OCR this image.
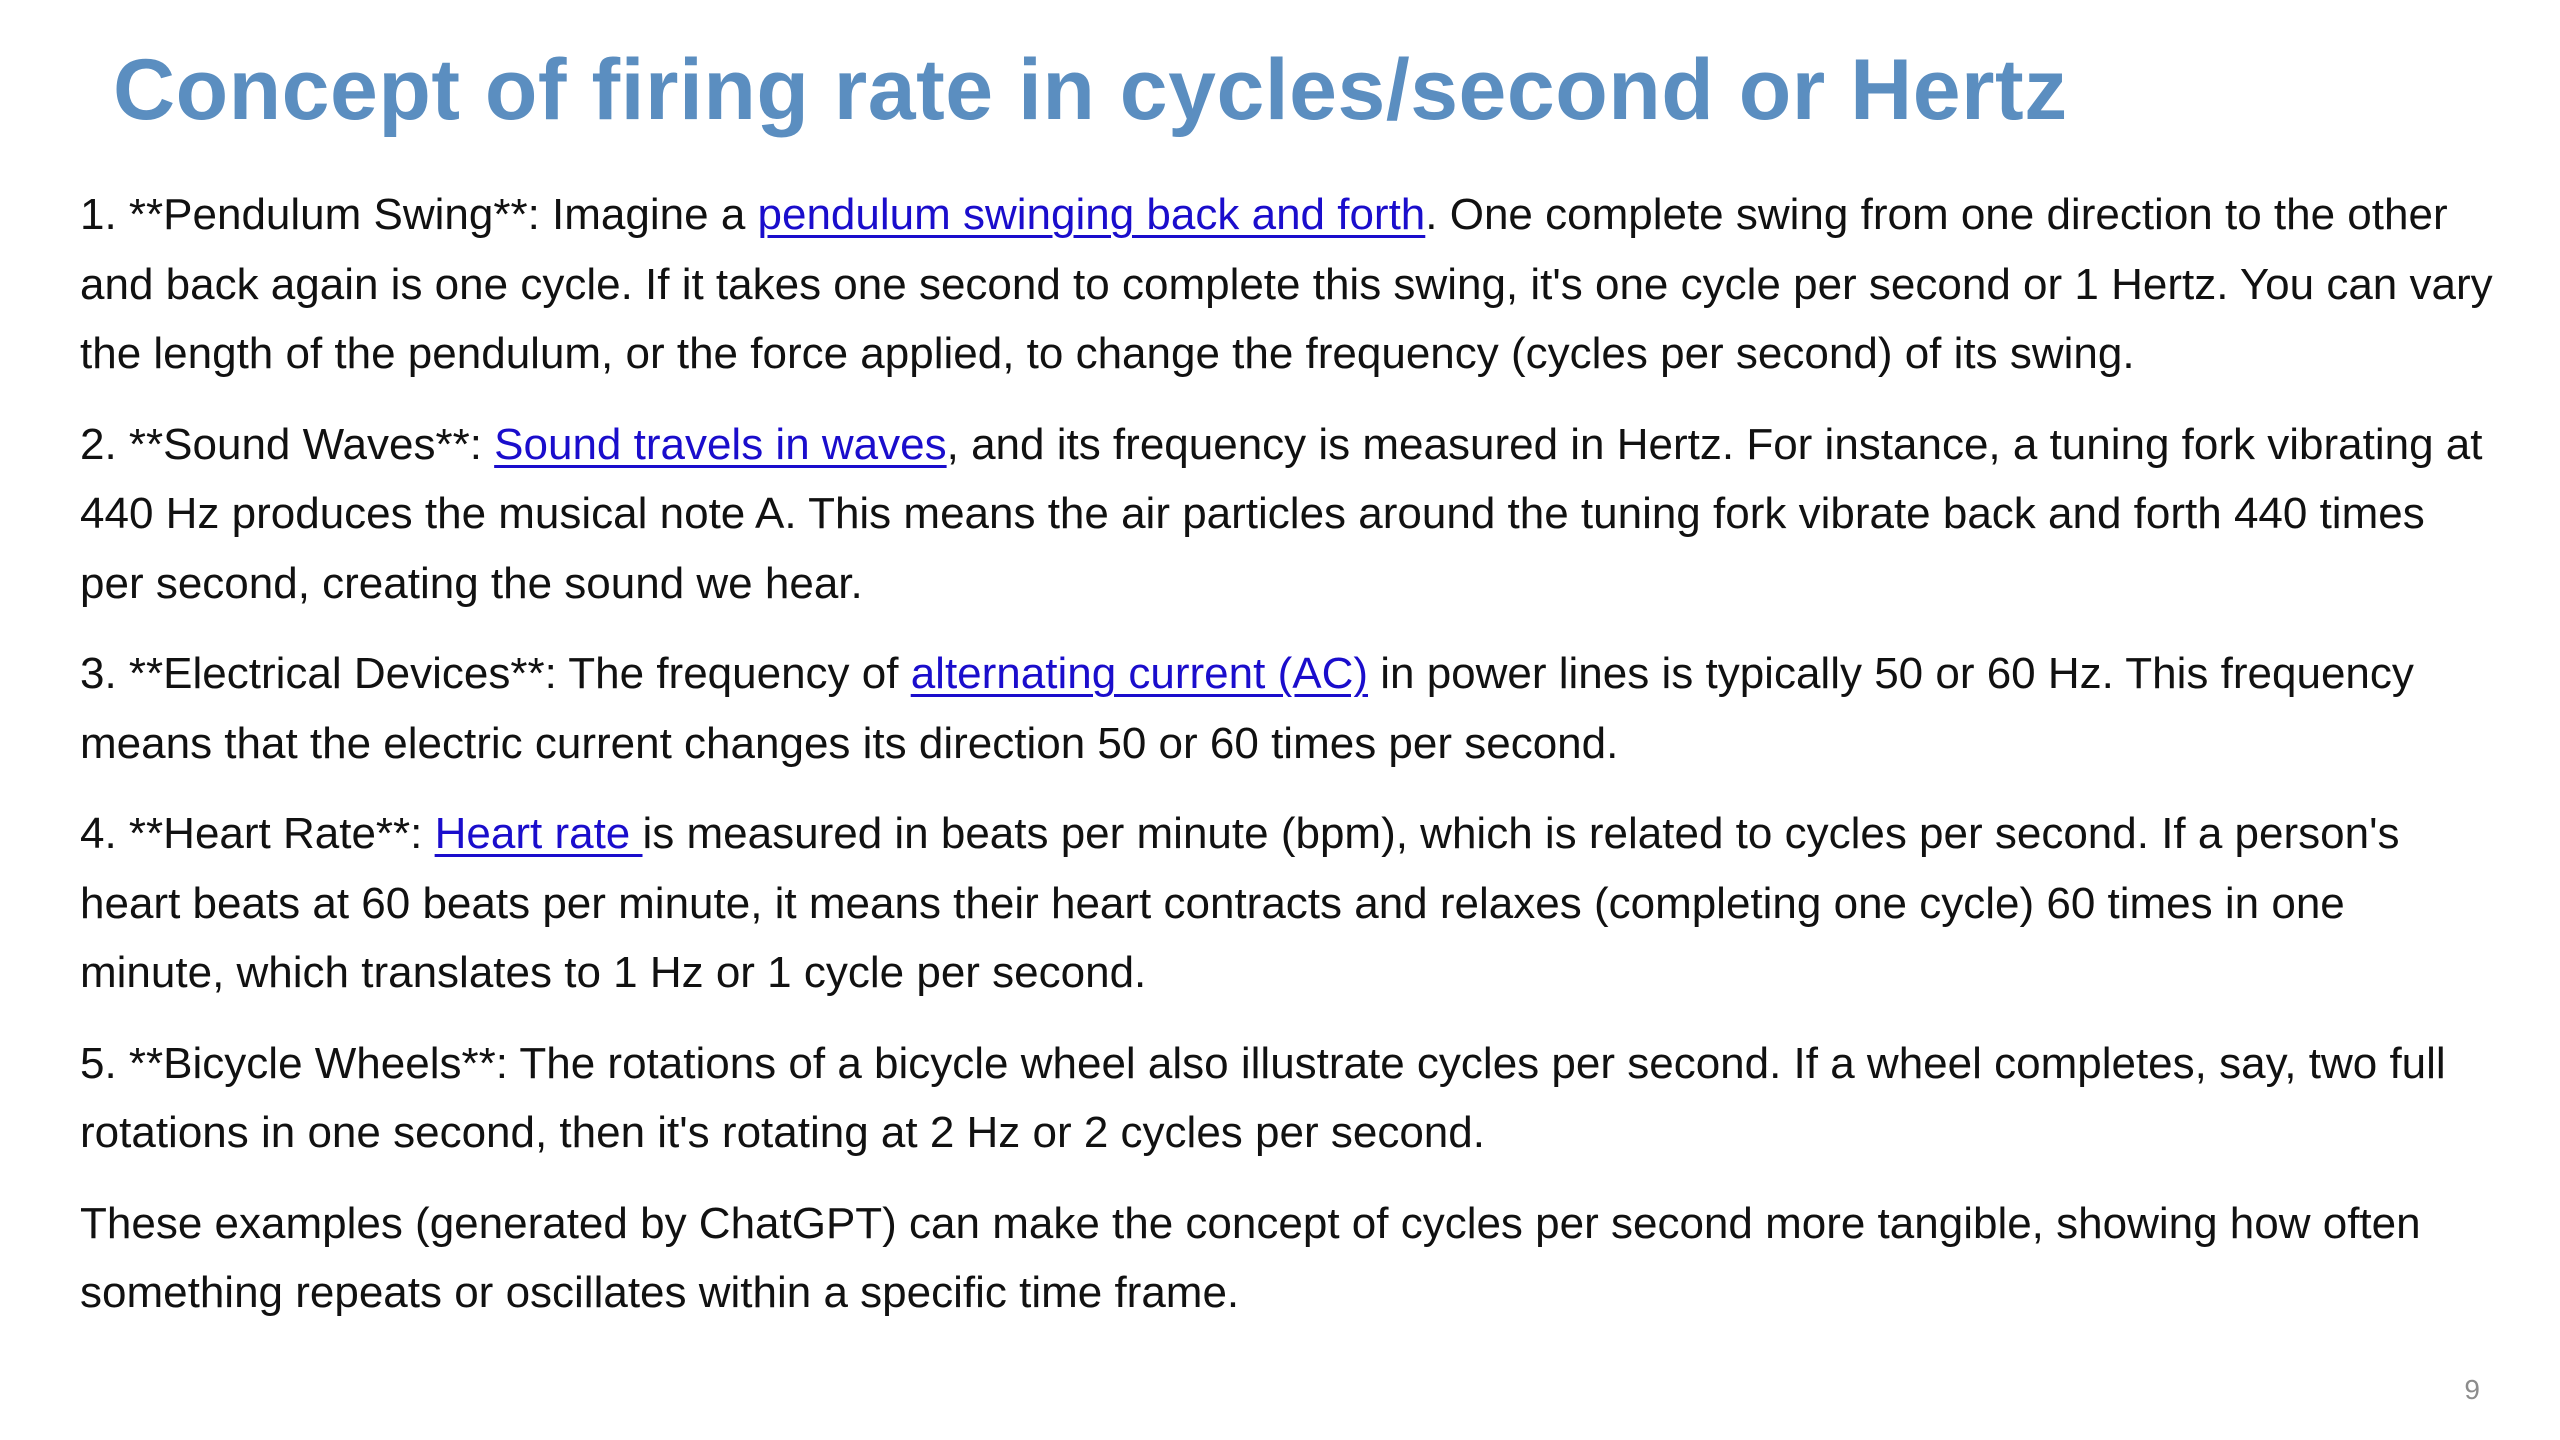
Concept of firing rate in cycles/second or Hertz

1. **Pendulum Swing**: Imagine a pendulum swinging back and forth. One complete swing from one direction to the other and back again is one cycle. If it takes one second to complete this swing, it's one cycle per second or 1 Hertz. You can vary the length of the pendulum, or the force applied, to change the frequency (cycles per second) of its swing.

2. **Sound Waves**: Sound travels in waves, and its frequency is measured in Hertz. For instance, a tuning fork vibrating at 440 Hz produces the musical note A. This means the air particles around the tuning fork vibrate back and forth 440 times per second, creating the sound we hear.

3. **Electrical Devices**: The frequency of alternating current (AC) in power lines is typically 50 or 60 Hz. This frequency means that the electric current changes its direction 50 or 60 times per second.

4. **Heart Rate**: Heart rate is measured in beats per minute (bpm), which is related to cycles per second. If a person's heart beats at 60 beats per minute, it means their heart contracts and relaxes (completing one cycle) 60 times in one minute, which translates to 1 Hz or 1 cycle per second.

5. **Bicycle Wheels**: The rotations of a bicycle wheel also illustrate cycles per second. If a wheel completes, say, two full rotations in one second, then it's rotating at 2 Hz or 2 cycles per second.

These examples (generated by ChatGPT) can make the concept of cycles per second more tangible, showing how often something repeats or oscillates within a specific time frame.

9
